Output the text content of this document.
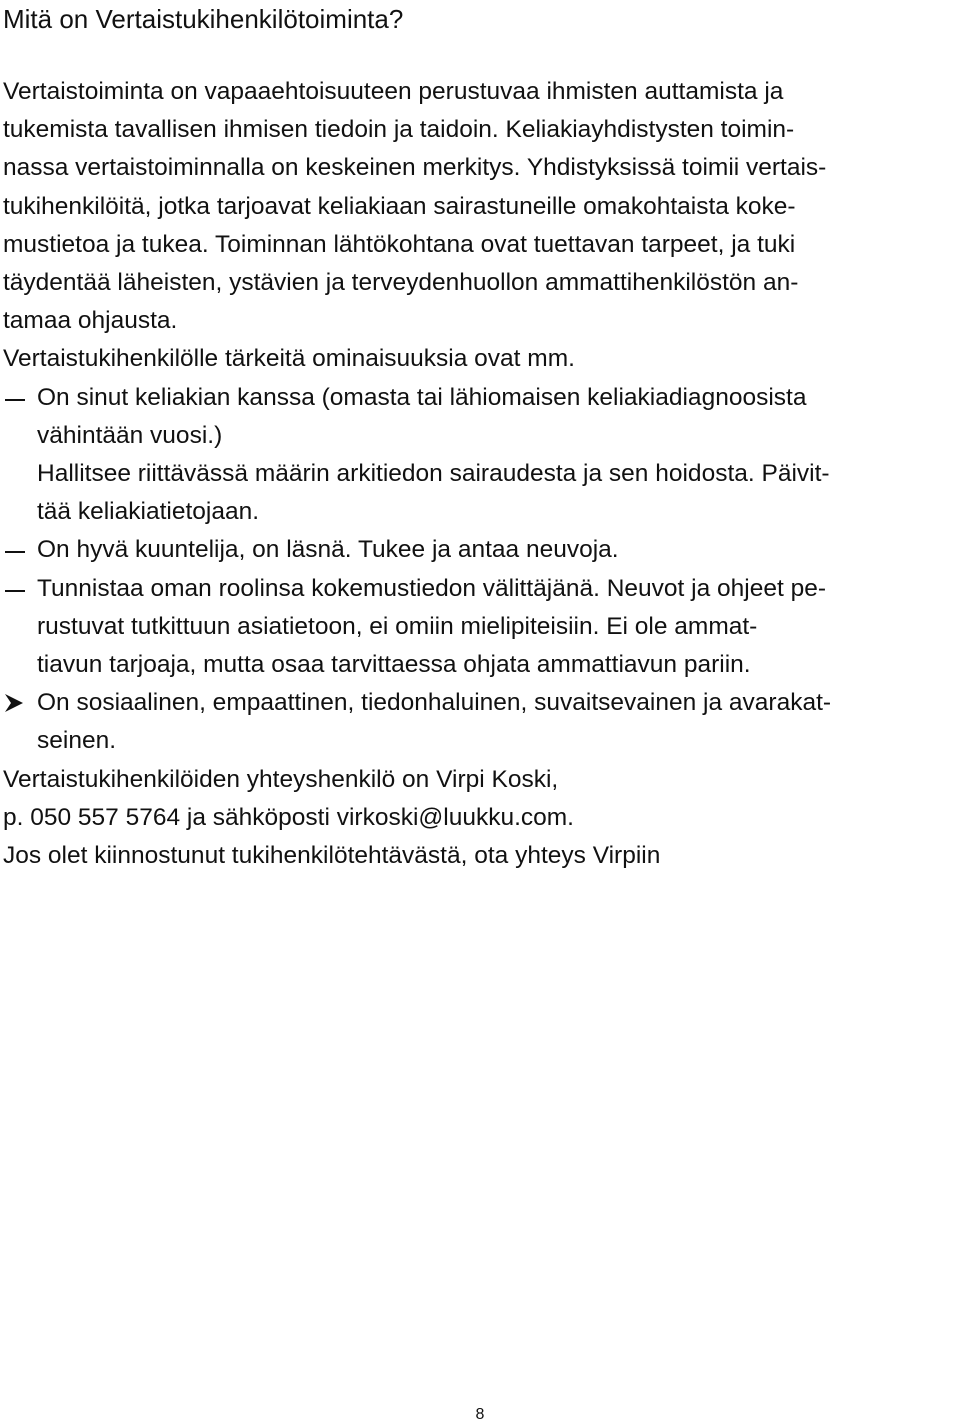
Mitä on Vertaistukihenkilötoiminta?
Vertaistoiminta on vapaaehtoisuuteen perustuvaa ihmisten auttamista ja
tukemista tavallisen ihmisen tiedoin ja taidoin. Keliakiayhdistysten toimin-
nassa vertaistoiminnalla on keskeinen merkitys. Yhdistyksissä toimii vertais-
tukihenkilöitä, jotka tarjoavat keliakiaan sairastuneille omakohtaista koke-
mustietoa ja tukea. Toiminnan lähtökohtana ovat tuettavan tarpeet, ja tuki
täydentää läheisten, ystävien ja terveydenhuollon ammattihenkilöstön an-
tamaa ohjausta.
Vertaistukihenkilölle tärkeitä ominaisuuksia ovat mm.
On sinut keliakian kanssa (omasta tai lähiomaisen keliakiadiagnoosista
vähintään vuosi.)
Hallitsee riittävässä määrin arkitiedon sairaudesta ja sen hoidosta. Päivit-
tää keliakiatietojaan.
On hyvä kuuntelija, on läsnä. Tukee ja antaa neuvoja.
Tunnistaa oman roolinsa kokemustiedon välittäjänä. Neuvot ja ohjeet pe-
rustuvat tutkittuun asiatietoon, ei omiin mielipiteisiin. Ei ole ammat-
tiavun tarjoaja, mutta osaa tarvittaessa ohjata ammattiavun pariin.
On sosiaalinen, empaattinen, tiedonhaluinen, suvaitsevainen ja avarakat-
seinen.
Vertaistukihenkilöiden yhteyshenkilö on Virpi Koski,
p. 050 557 5764 ja sähköposti virkoski@luukku.com.
Jos olet kiinnostunut tukihenkilötehtävästä, ota yhteys Virpiin
8
